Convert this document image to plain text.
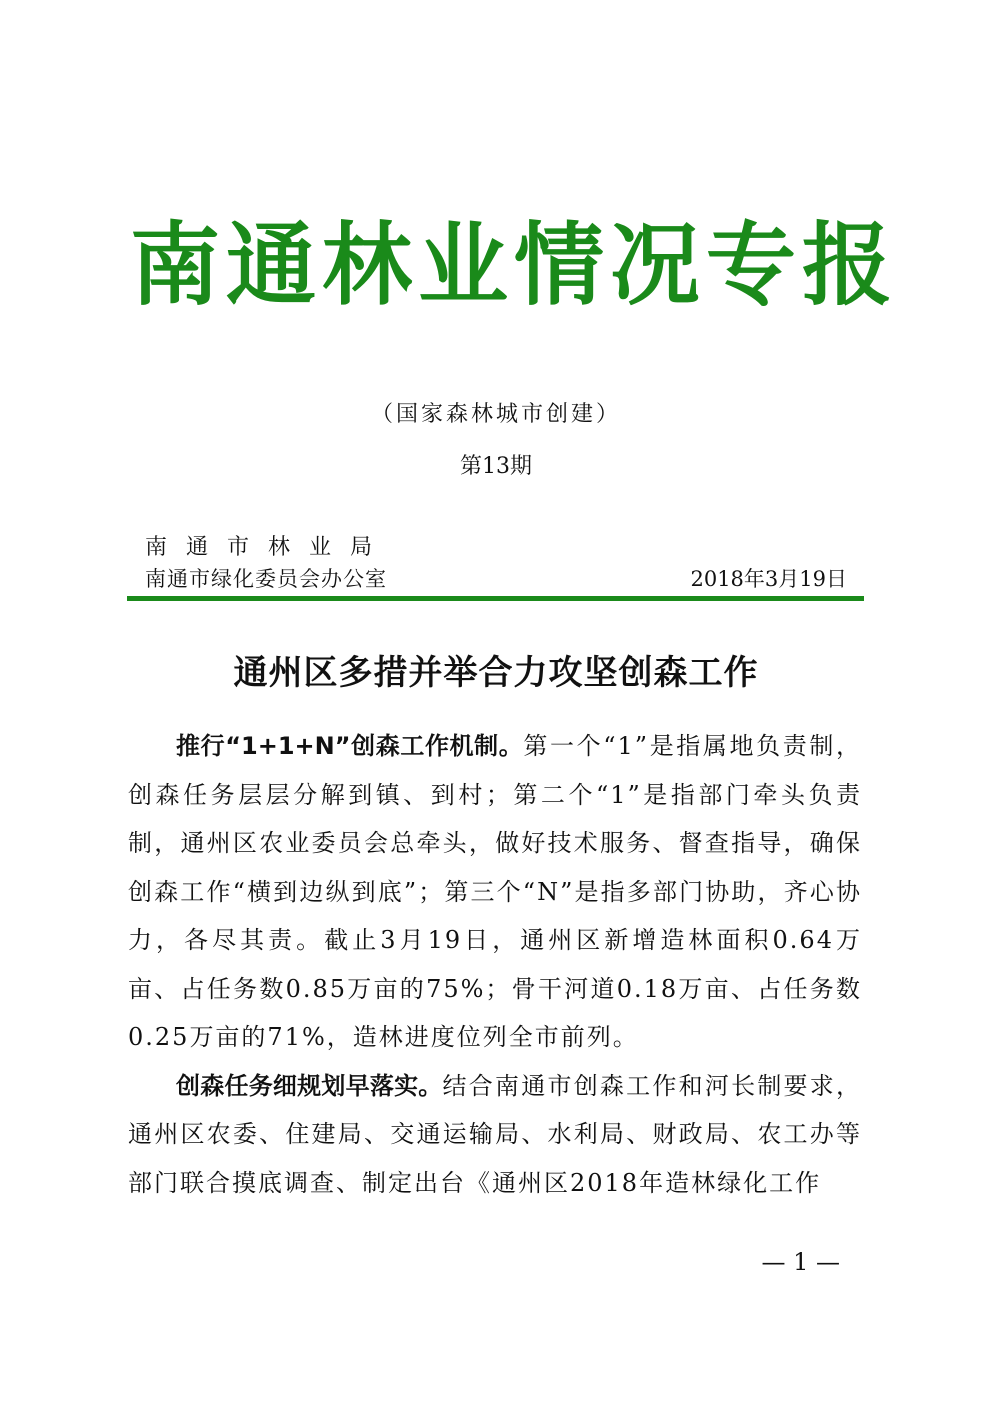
南通林业情况专报
（国家森林城市创建）
第13期
南通市林业局
南通市绿化委员会办公室	2018年3月19日
通州区多措并举合力攻坚创森工作

推行“1+1+N”创森工作机制。第一个“1”是指属地负责制，创森任务层层分解到镇、到村；第二个“1”是指部门牵头负责制，通州区农业委员会总牵头，做好技术服务、督查指导，确保创森工作“横到边纵到底”；第三个“N”是指多部门协助，齐心协力，各尽其责。截止3月19日，通州区新增造林面积0.64万亩、占任务数0.85万亩的75%；骨干河道0.18万亩、占任务数0.25万亩的71%，造林进度位列全市前列。

创森任务细规划早落实。结合南通市创森工作和河长制要求，通州区农委、住建局、交通运输局、水利局、财政局、农工办等部门联合摸底调查、制定出台《通州区2018年造林绿化工作

— 1 —
